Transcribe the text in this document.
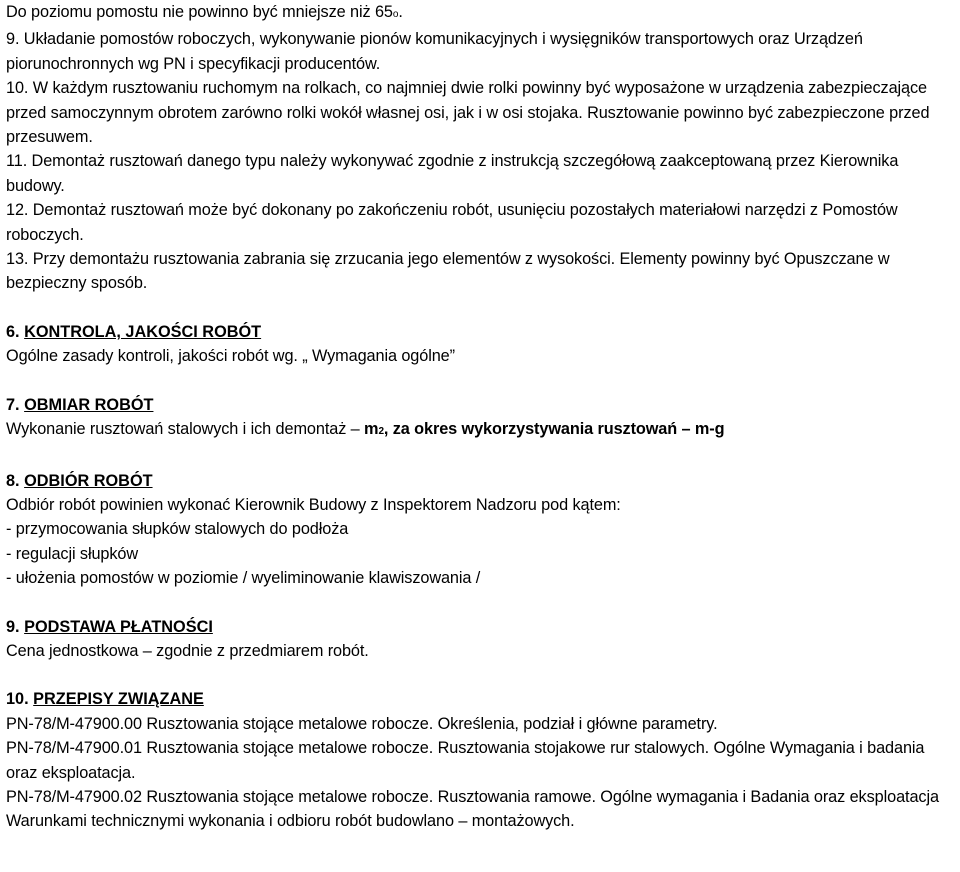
Do poziomu pomostu nie powinno być mniejsze niż 65o.

9. Układanie pomostów roboczych, wykonywanie pionów komunikacyjnych i wysięgników transportowych oraz Urządzeń piorunochronnych wg PN i specyfikacji producentów.

10. W każdym rusztowaniu ruchomym na rolkach, co najmniej dwie rolki powinny być wyposażone w urządzenia zabezpieczające przed samoczynnym obrotem zarówno rolki wokół własnej osi, jak i w osi stojaka. Rusztowanie powinno być zabezpieczone przed przesuwem.

11. Demontaż rusztowań danego typu należy wykonywać zgodnie z instrukcją szczegółową zaakceptowaną przez Kierownika budowy.

12. Demontaż rusztowań może być dokonany po zakończeniu robót, usunięciu pozostałych materiałowi narzędzi z Pomostów roboczych.

13. Przy demontażu rusztowania zabrania się zrzucania jego elementów z wysokości. Elementy powinny być Opuszczane w bezpieczny sposób.

6. KONTROLA, JAKOŚCI ROBÓT

Ogólne zasady kontroli, jakości robót wg. „ Wymagania ogólne”

7. OBMIAR ROBÓT

Wykonanie rusztowań stalowych i ich demontaż – m2, za okres wykorzystywania rusztowań – m-g

8. ODBIÓR ROBÓT

Odbiór robót powinien wykonać Kierownik Budowy z Inspektorem Nadzoru pod kątem:

- przymocowania słupków stalowych do podłoża

- regulacji słupków

- ułożenia pomostów w poziomie / wyeliminowanie klawiszowania /

9. PODSTAWA PŁATNOŚCI

Cena jednostkowa – zgodnie z przedmiarem robót.

10. PRZEPISY ZWIĄZANE

PN-78/M-47900.00 Rusztowania stojące metalowe robocze. Określenia, podział i główne parametry.

PN-78/M-47900.01 Rusztowania stojące metalowe robocze. Rusztowania stojakowe rur stalowych. Ogólne Wymagania i badania oraz eksploatacja.

PN-78/M-47900.02 Rusztowania stojące metalowe robocze. Rusztowania ramowe. Ogólne wymagania i Badania oraz eksploatacja

Warunkami technicznymi wykonania i odbioru robót budowlano – montażowych.
